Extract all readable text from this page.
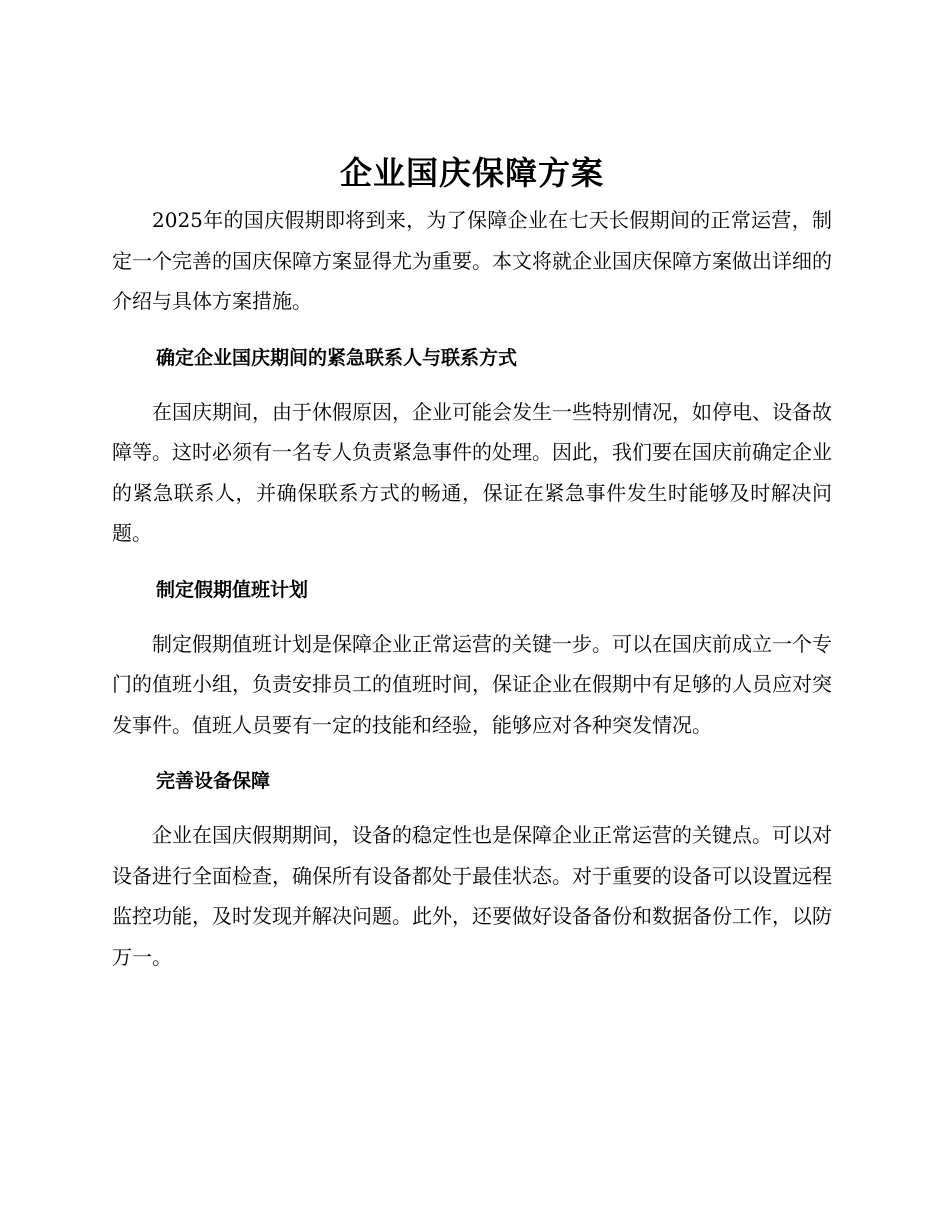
企业国庆保障方案

2025年的国庆假期即将到来，为了保障企业在七天长假期间的正常运营，制定一个完善的国庆保障方案显得尤为重要。本文将就企业国庆保障方案做出详细的介绍与具体方案措施。

确定企业国庆期间的紧急联系人与联系方式

在国庆期间，由于休假原因，企业可能会发生一些特别情况，如停电、设备故障等。这时必须有一名专人负责紧急事件的处理。因此，我们要在国庆前确定企业的紧急联系人，并确保联系方式的畅通，保证在紧急事件发生时能够及时解决问题。

制定假期值班计划

制定假期值班计划是保障企业正常运营的关键一步。可以在国庆前成立一个专门的值班小组，负责安排员工的值班时间，保证企业在假期中有足够的人员应对突发事件。值班人员要有一定的技能和经验，能够应对各种突发情况。

完善设备保障

企业在国庆假期期间，设备的稳定性也是保障企业正常运营的关键点。可以对设备进行全面检查，确保所有设备都处于最佳状态。对于重要的设备可以设置远程监控功能，及时发现并解决问题。此外，还要做好设备备份和数据备份工作，以防万一。
